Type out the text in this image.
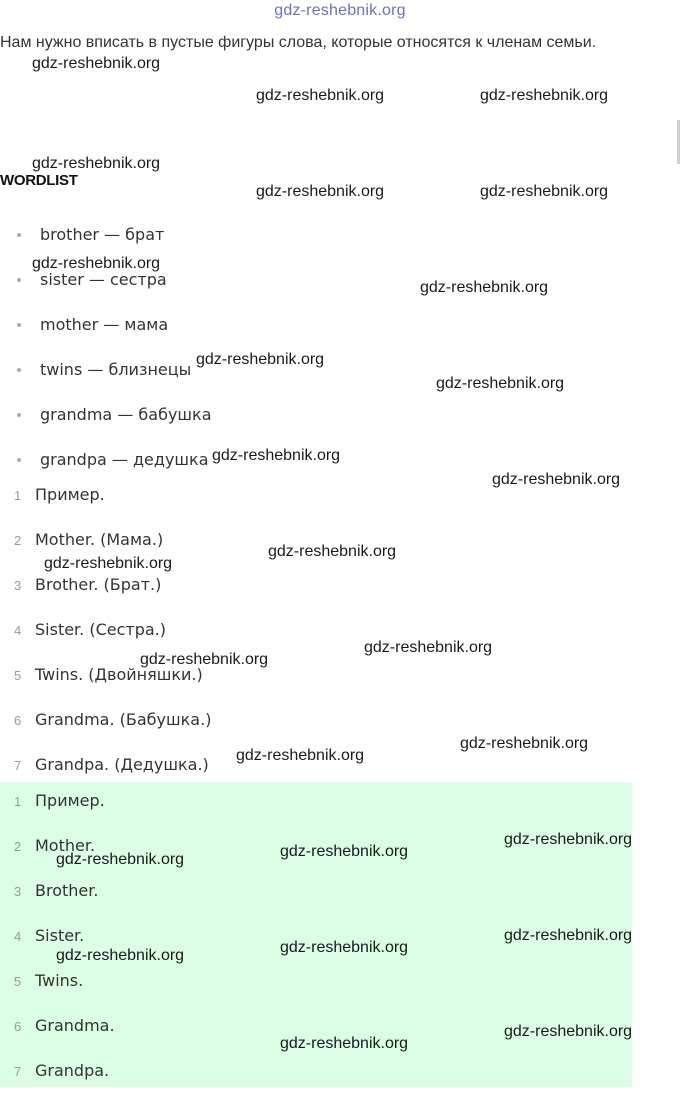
gdz-reshebnik.org
Нам нужно вписать в пустые фигуры слова, которые относятся к членам семьи.
WORDLIST
brother — брат
sister — сестра
mother — мама
twins — близнецы
grandma — бабушка
grandpa — дедушка
1 Пример.
2 Mother. (Мама.)
3 Brother. (Брат.)
4 Sister. (Сестра.)
5 Twins. (Двойняшки.)
6 Grandma. (Бабушка.)
7 Grandpa. (Дедушка.)
1 Пример.
2 Mother.
3 Brother.
4 Sister.
5 Twins.
6 Grandma.
7 Grandpa.
gdz-reshebnik.org
gdz-reshebnik.org	gdz-reshebnik.org
gdz-reshebnik.org
gdz-reshebnik.org	gdz-reshebnik.org
gdz-reshebnik.org
gdz-reshebnik.org
gdz-reshebnik.org
gdz-reshebnik.org
gdz-reshebnik.org
gdz-reshebnik.org
gdz-reshebnik.org
gdz-reshebnik.org
gdz-reshebnik.org
gdz-reshebnik.org
gdz-reshebnik.org
gdz-reshebnik.org
gdz-reshebnik.org
gdz-reshebnik.org
gdz-reshebnik.org
gdz-reshebnik.org
gdz-reshebnik.org
gdz-reshebnik.org
gdz-reshebnik.org
gdz-reshebnik.org
